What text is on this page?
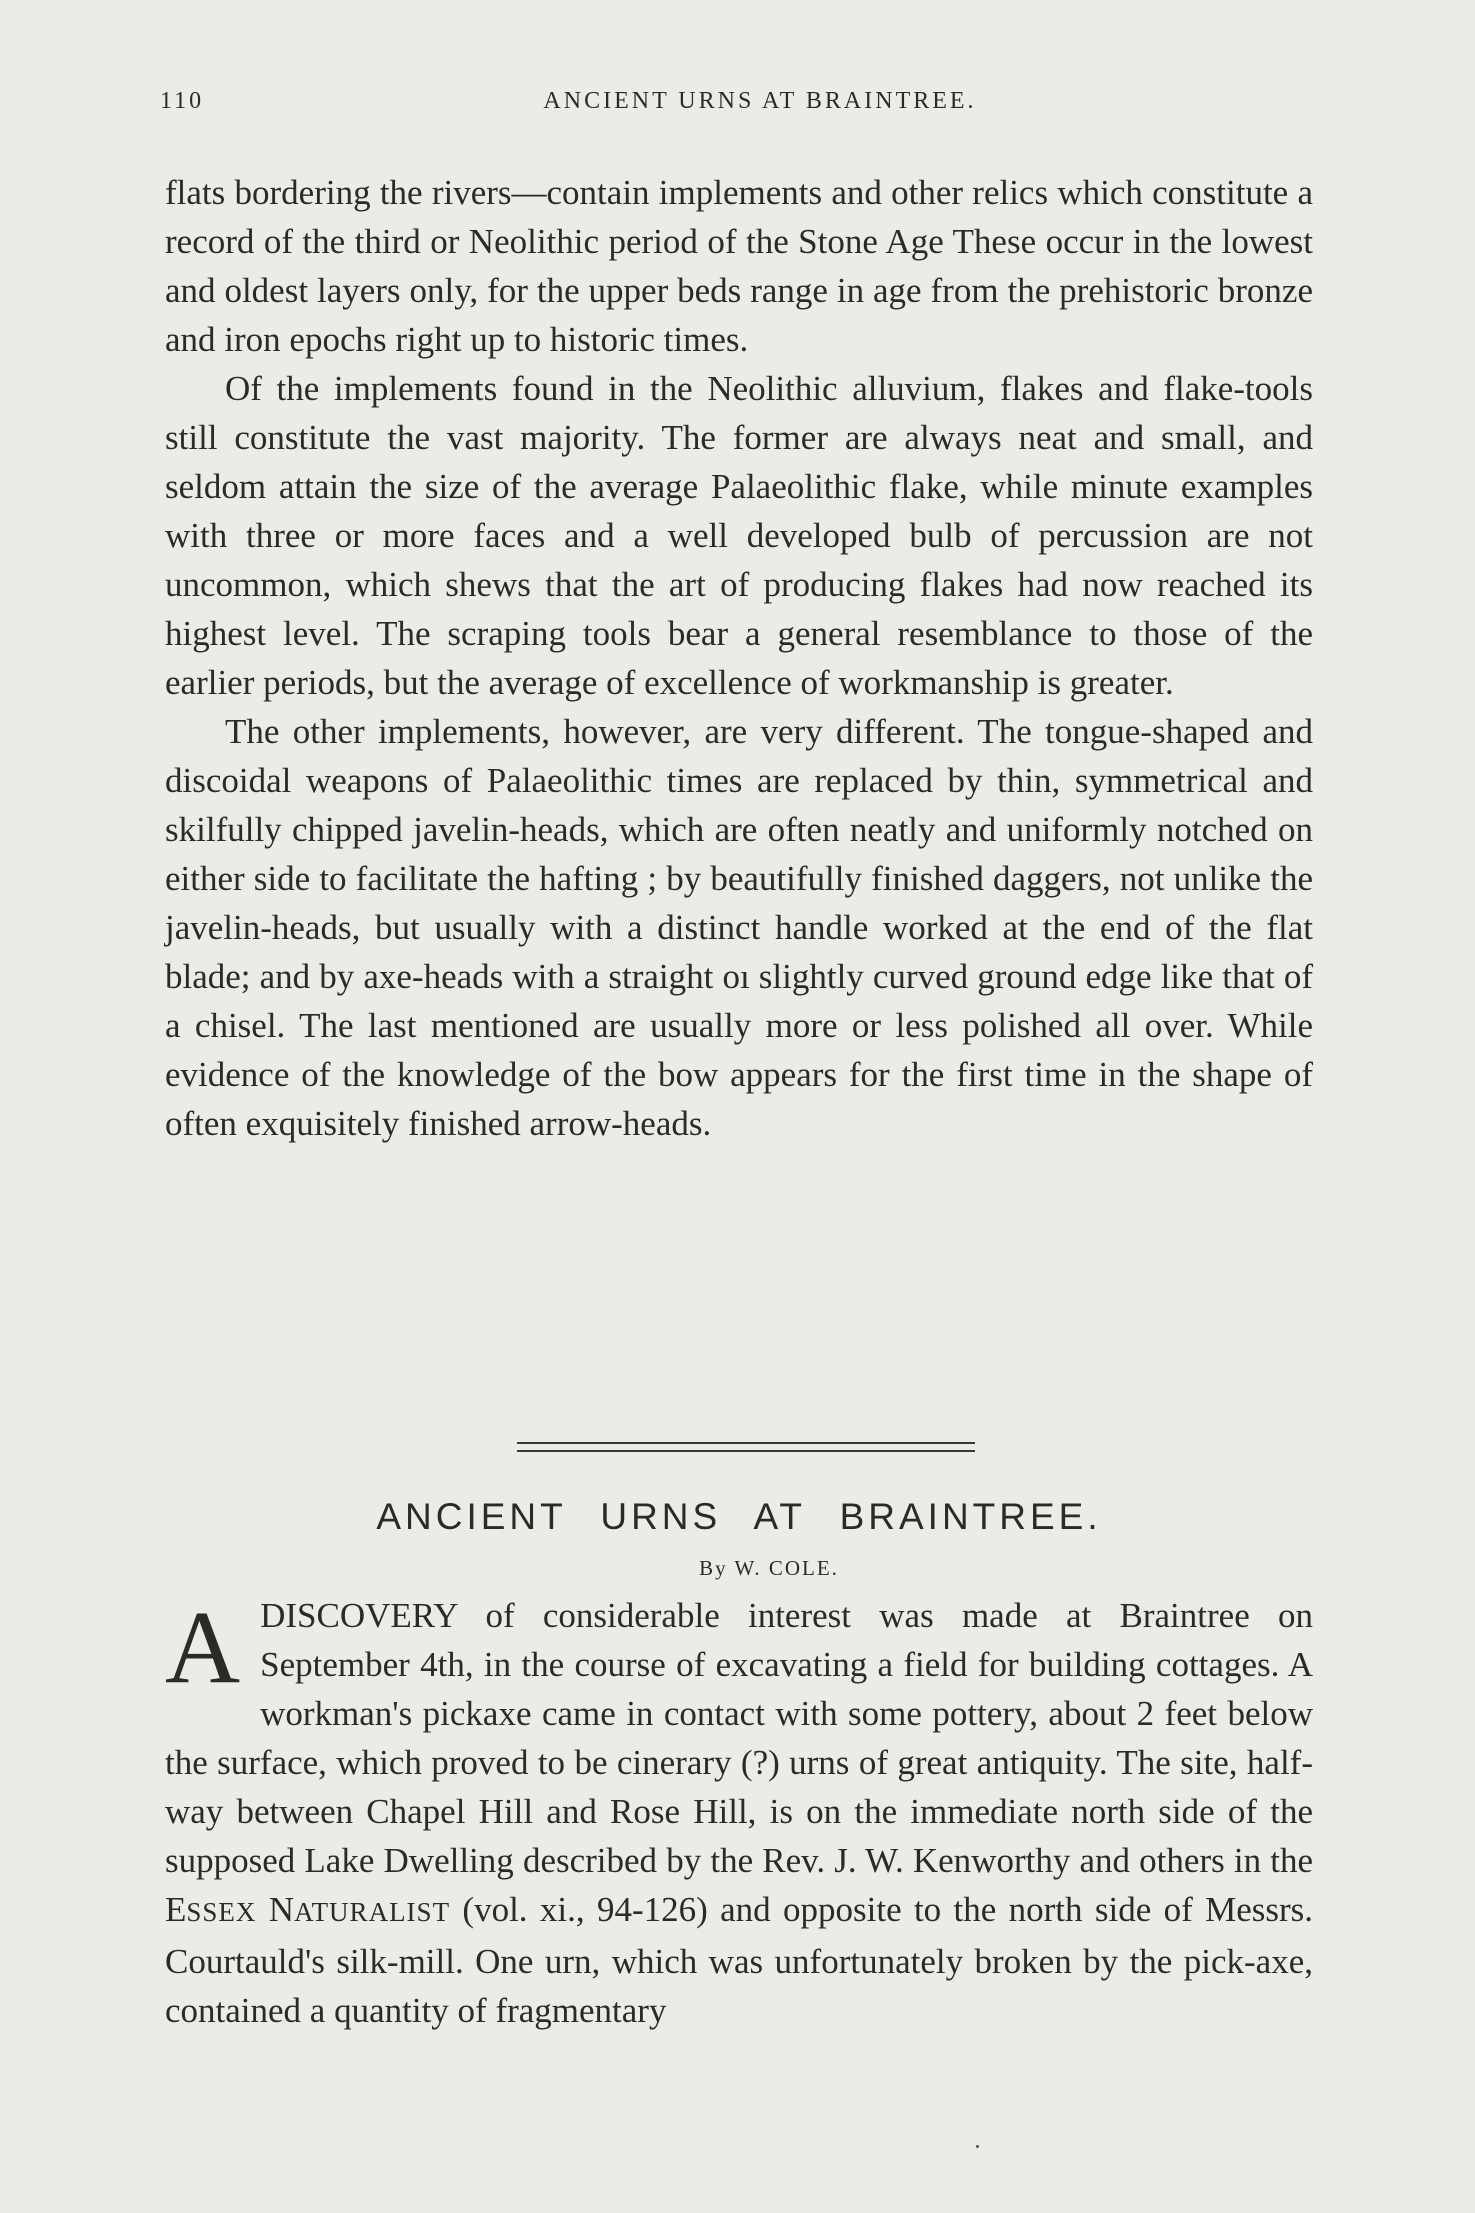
110	ANCIENT URNS AT BRAINTREE.

flats bordering the rivers—contain implements and other relics which constitute a record of the third or Neolithic period of the Stone Age These occur in the lowest and oldest layers only, for the upper beds range in age from the prehistoric bronze and iron epochs right up to historic times.

Of the implements found in the Neolithic alluvium, flakes and flake-tools still constitute the vast majority. The former are always neat and small, and seldom attain the size of the average Palaeolithic flake, while minute examples with three or more faces and a well developed bulb of percussion are not uncommon, which shews that the art of producing flakes had now reached its highest level. The scraping tools bear a general resemblance to those of the earlier periods, but the average of excellence of workmanship is greater.

The other implements, however, are very different. The tongue-shaped and discoidal weapons of Palaeolithic times are replaced by thin, symmetrical and skilfully chipped javelin-heads, which are often neatly and uniformly notched on either side to facilitate the hafting ; by beautifully finished daggers, not unlike the javelin-heads, but usually with a distinct handle worked at the end of the flat blade; and by axe-heads with a straight oı slightly curved ground edge like that of a chisel. The last mentioned are usually more or less polished all over. While evidence of the knowledge of the bow appears for the first time in the shape of often exquisitely finished arrow-heads.

ANCIENT URNS AT BRAINTREE.
By W. COLE.

ADISCOVERY of considerable interest was made at Braintree on September 4th, in the course of excavating a field for building cottages. A workman's pickaxe came in contact with some pottery, about 2 feet below the surface, which proved to be cinerary (?) urns of great antiquity. The site, half-way between Chapel Hill and Rose Hill, is on the immediate north side of the supposed Lake Dwelling described by the Rev. J. W. Kenworthy and others in the ESSEX NATURALIST (vol. xi., 94-126) and opposite to the north side of Messrs. Courtauld's silk-mill. One urn, which was unfortunately broken by the pick-axe, contained a quantity of fragmentary
